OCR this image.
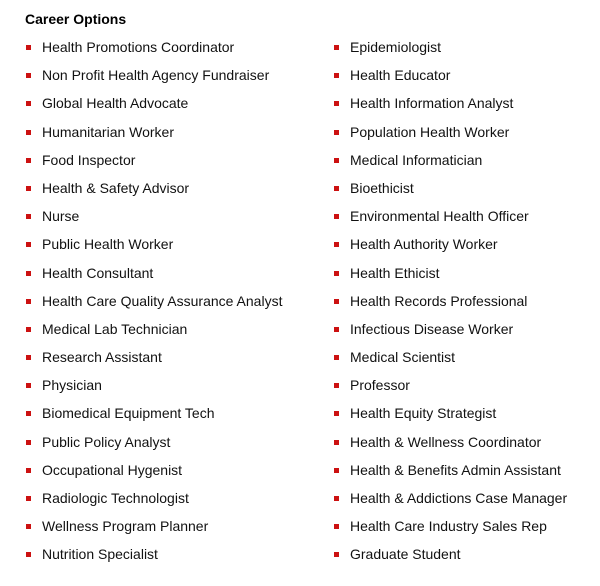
Career Options
Health Promotions Coordinator
Non Profit Health Agency Fundraiser
Global Health Advocate
Humanitarian Worker
Food Inspector
Health & Safety Advisor
Nurse
Public Health Worker
Health Consultant
Health Care Quality Assurance Analyst
Medical Lab Technician
Research Assistant
Physician
Biomedical Equipment Tech
Public Policy Analyst
Occupational Hygenist
Radiologic Technologist
Wellness Program Planner
Nutrition Specialist
Epidemiologist
Health Educator
Health Information Analyst
Population Health Worker
Medical Informatician
Bioethicist
Environmental Health Officer
Health Authority Worker
Health Ethicist
Health Records Professional
Infectious Disease Worker
Medical Scientist
Professor
Health Equity Strategist
Health & Wellness Coordinator
Health & Benefits Admin Assistant
Health & Addictions Case Manager
Health Care Industry Sales Rep
Graduate Student
